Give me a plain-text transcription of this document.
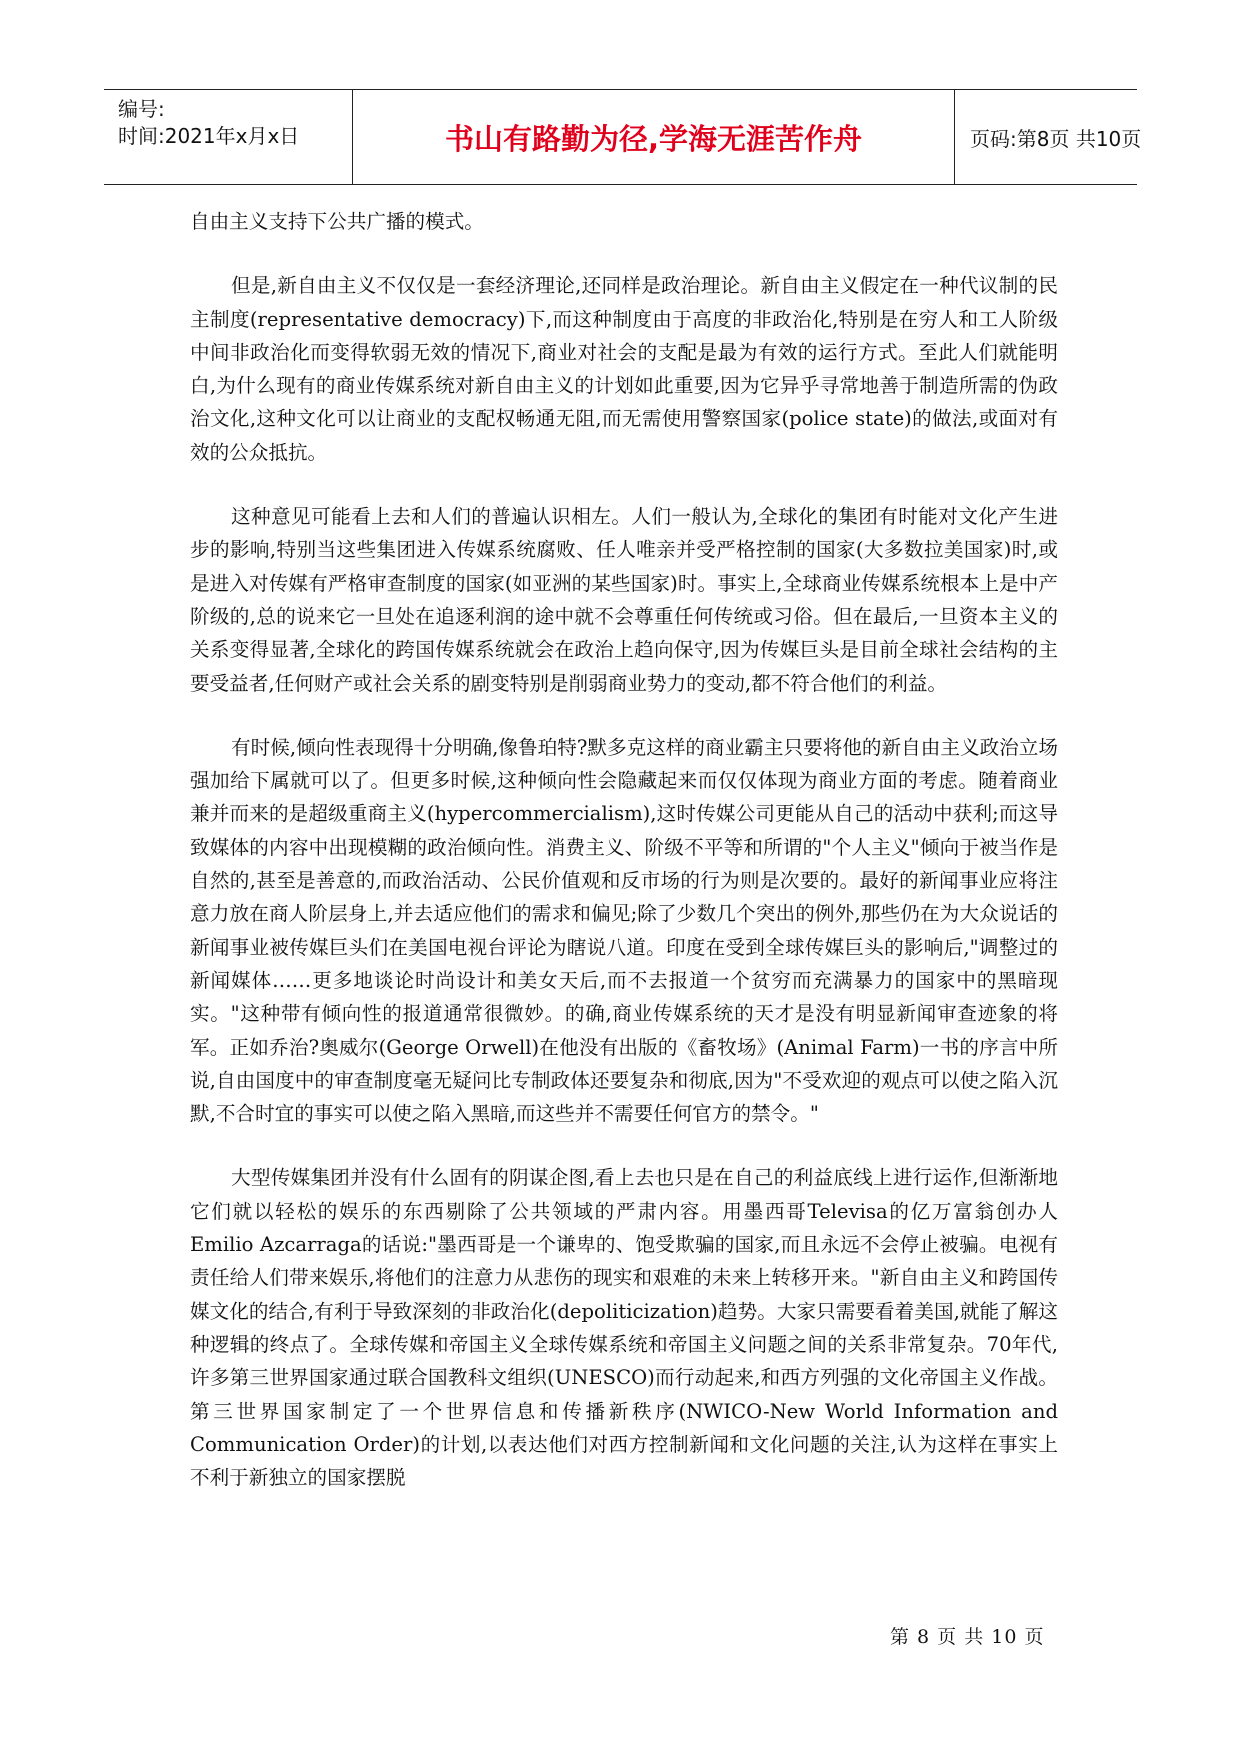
编号:
时间:2021年x月x日	书山有路勤为径,学海无涯苦作舟	页码:第8页 共10页

自由主义支持下公共广播的模式。

但是,新自由主义不仅仅是一套经济理论,还同样是政治理论。新自由主义假定在一种代议制的民主制度(representative democracy)下,而这种制度由于高度的非政治化,特别是在穷人和工人阶级中间非政治化而变得软弱无效的情况下,商业对社会的支配是最为有效的运行方式。至此人们就能明白,为什么现有的商业传媒系统对新自由主义的计划如此重要,因为它异乎寻常地善于制造所需的伪政治文化,这种文化可以让商业的支配权畅通无阻,而无需使用警察国家(police state)的做法,或面对有效的公众抵抗。

这种意见可能看上去和人们的普遍认识相左。人们一般认为,全球化的集团有时能对文化产生进步的影响,特别当这些集团进入传媒系统腐败、任人唯亲并受严格控制的国家(大多数拉美国家)时,或是进入对传媒有严格审查制度的国家(如亚洲的某些国家)时。事实上,全球商业传媒系统根本上是中产阶级的,总的说来它一旦处在追逐利润的途中就不会尊重任何传统或习俗。但在最后,一旦资本主义的关系变得显著,全球化的跨国传媒系统就会在政治上趋向保守,因为传媒巨头是目前全球社会结构的主要受益者,任何财产或社会关系的剧变特别是削弱商业势力的变动,都不符合他们的利益。

有时候,倾向性表现得十分明确,像鲁珀特?默多克这样的商业霸主只要将他的新自由主义政治立场强加给下属就可以了。但更多时候,这种倾向性会隐藏起来而仅仅体现为商业方面的考虑。随着商业兼并而来的是超级重商主义(hypercommercialism),这时传媒公司更能从自己的活动中获利;而这导致媒体的内容中出现模糊的政治倾向性。消费主义、阶级不平等和所谓的"个人主义"倾向于被当作是自然的,甚至是善意的,而政治活动、公民价值观和反市场的行为则是次要的。最好的新闻事业应将注意力放在商人阶层身上,并去适应他们的需求和偏见;除了少数几个突出的例外,那些仍在为大众说话的新闻事业被传媒巨头们在美国电视台评论为瞎说八道。印度在受到全球传媒巨头的影响后,"调整过的新闻媒体……更多地谈论时尚设计和美女天后,而不去报道一个贫穷而充满暴力的国家中的黑暗现实。"这种带有倾向性的报道通常很微妙。的确,商业传媒系统的天才是没有明显新闻审查迹象的将军。正如乔治?奥威尔(George Orwell)在他没有出版的《畜牧场》(Animal Farm)一书的序言中所说,自由国度中的审查制度毫无疑问比专制政体还要复杂和彻底,因为"不受欢迎的观点可以使之陷入沉默,不合时宜的事实可以使之陷入黑暗,而这些并不需要任何官方的禁令。"

大型传媒集团并没有什么固有的阴谋企图,看上去也只是在自己的利益底线上进行运作,但渐渐地它们就以轻松的娱乐的东西剔除了公共领域的严肃内容。用墨西哥Televisa的亿万富翁创办人Emilio Azcarraga的话说:"墨西哥是一个谦卑的、饱受欺骗的国家,而且永远不会停止被骗。电视有责任给人们带来娱乐,将他们的注意力从悲伤的现实和艰难的未来上转移开来。"新自由主义和跨国传媒文化的结合,有利于导致深刻的非政治化(depoliticization)趋势。大家只需要看着美国,就能了解这种逻辑的终点了。全球传媒和帝国主义全球传媒系统和帝国主义问题之间的关系非常复杂。70年代,许多第三世界国家通过联合国教科文组织(UNESCO)而行动起来,和西方列强的文化帝国主义作战。第三世界国家制定了一个世界信息和传播新秩序(NWICO-New World Information and Communication Order)的计划,以表达他们对西方控制新闻和文化问题的关注,认为这样在事实上不利于新独立的国家摆脱

第 8 页 共 10 页
